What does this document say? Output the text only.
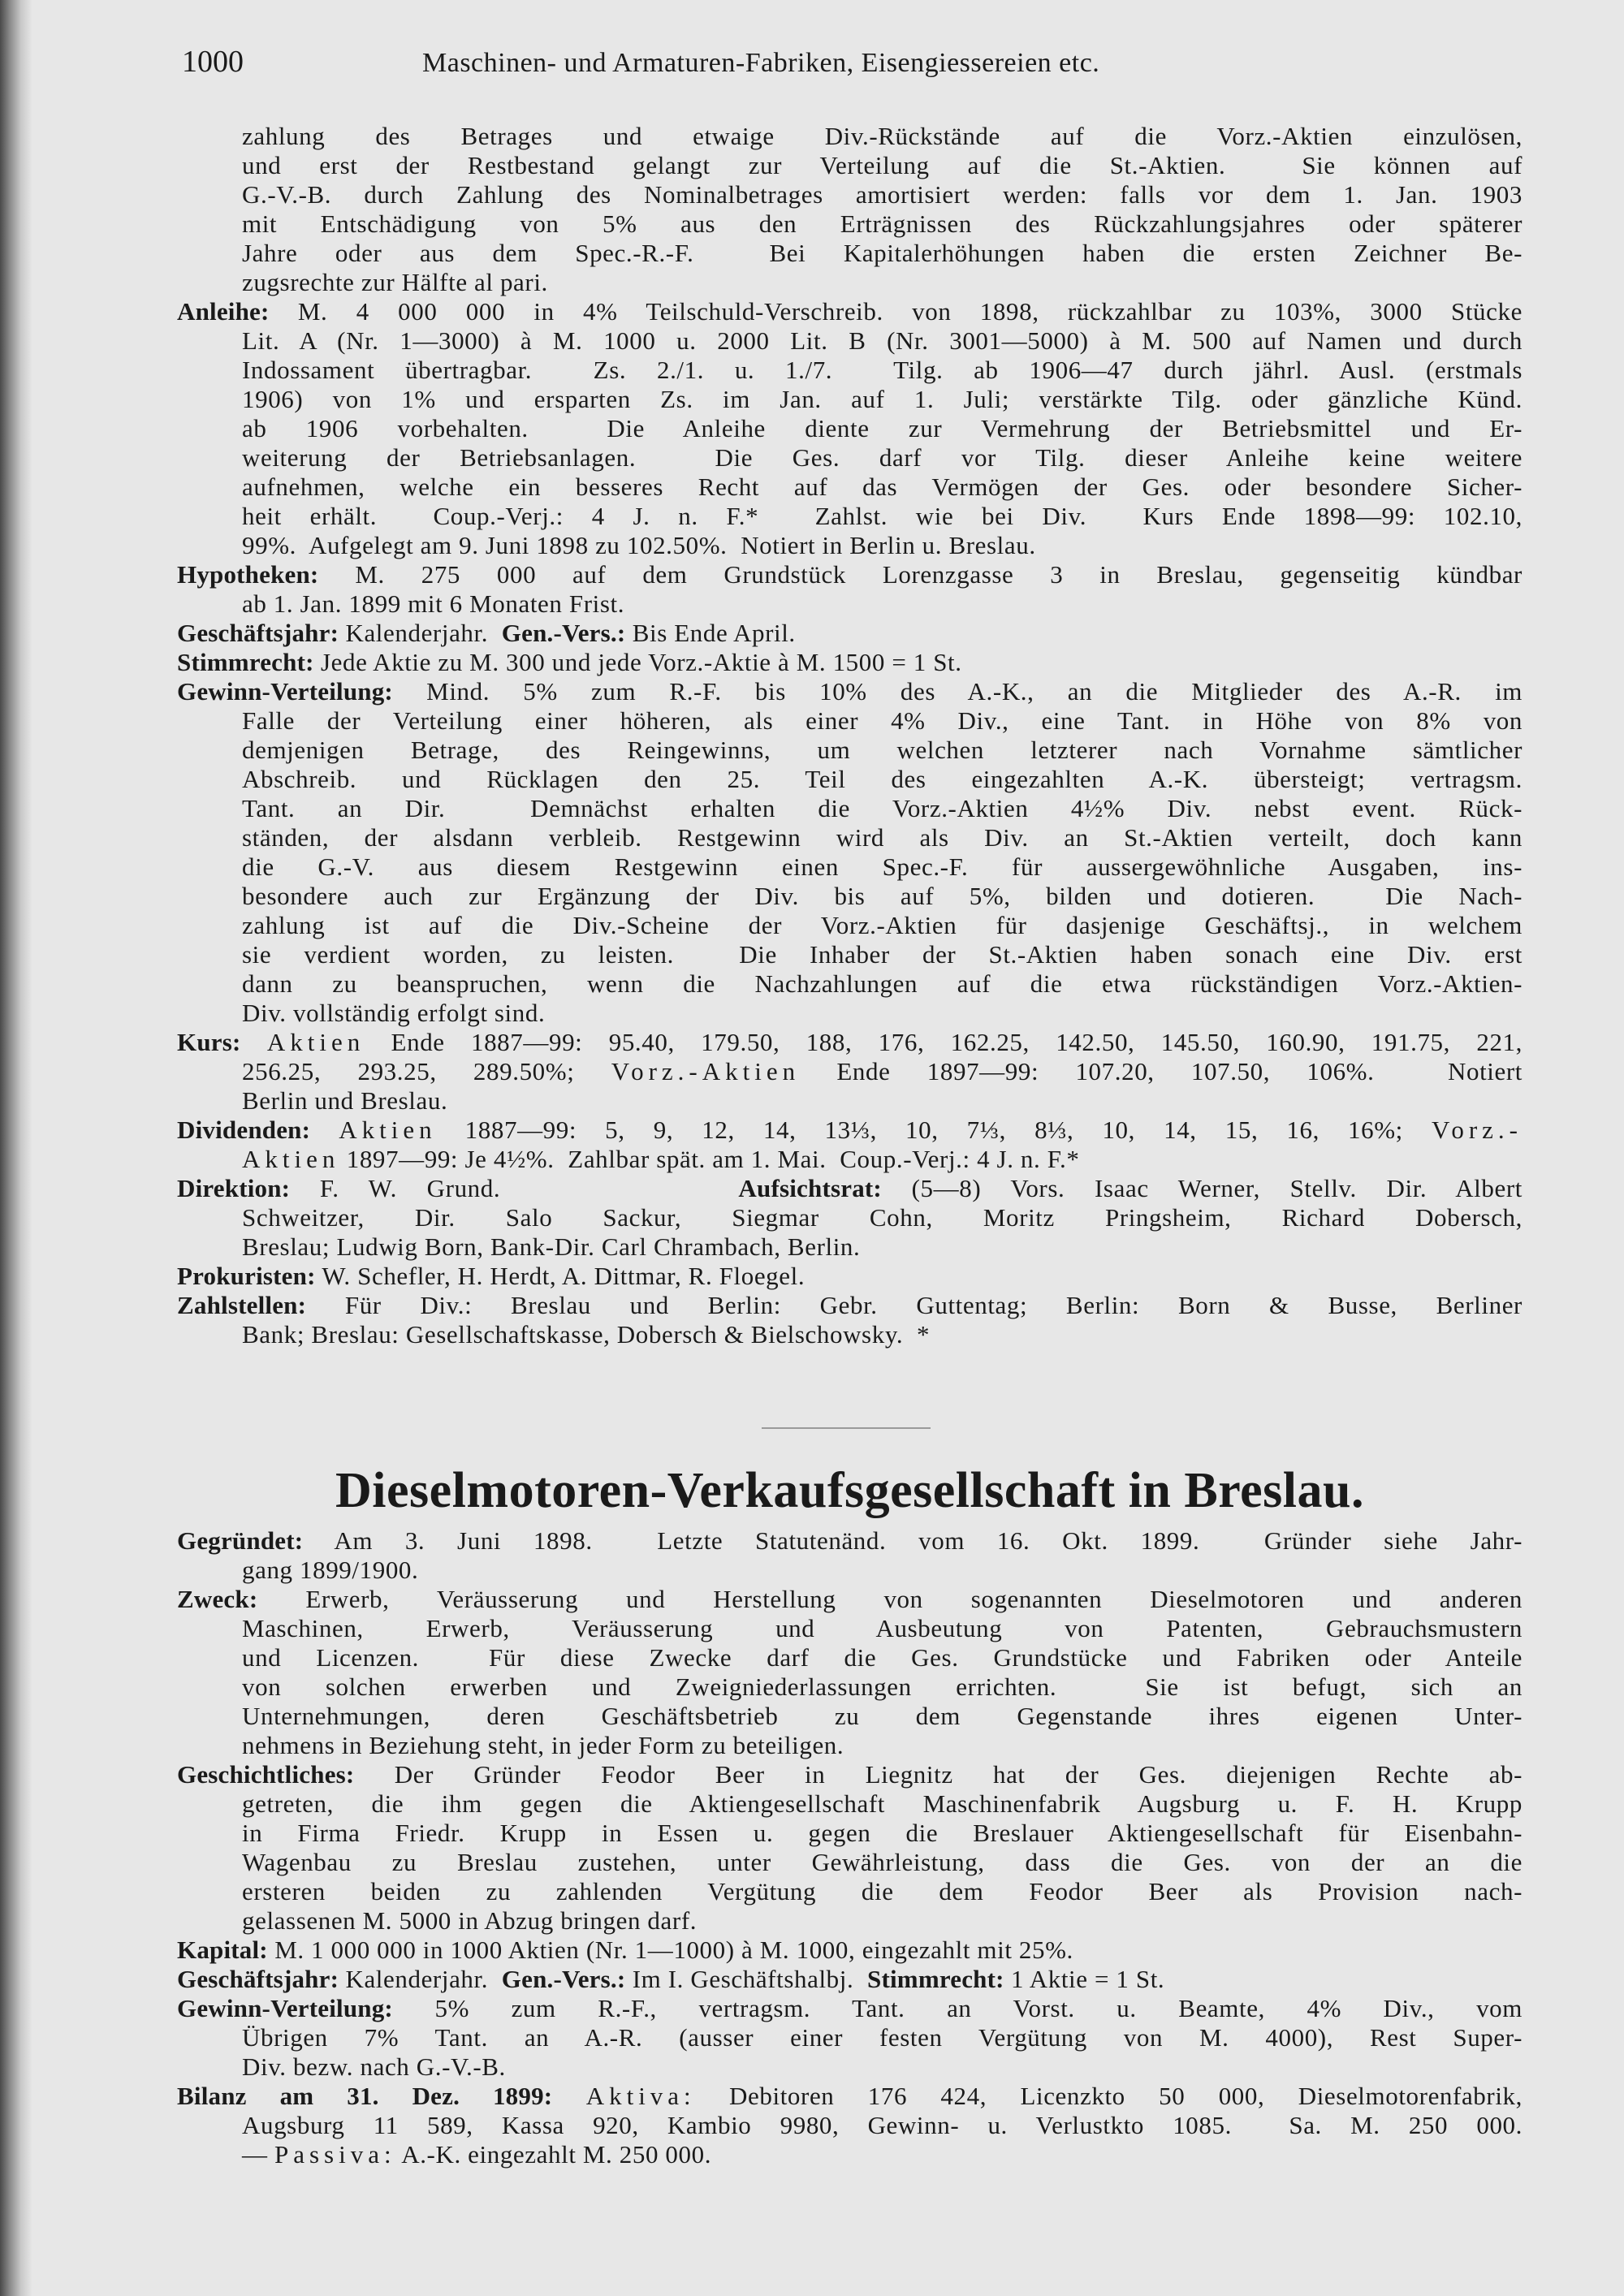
1000	Maschinen- und Armaturen-Fabriken, Eisengiessereien etc.
zahlung des Betrages und etwaige Div.-Rückstände auf die Vorz.-Aktien einzulösen,
und erst der Restbestand gelangt zur Verteilung auf die St.-Aktien.  Sie können auf
G.-V.-B. durch Zahlung des Nominalbetrages amortisiert werden: falls vor dem 1. Jan. 1903
mit Entschädigung von 5% aus den Erträgnissen des Rückzahlungsjahres oder späterer
Jahre oder aus dem Spec.-R.-F.  Bei Kapitalerhöhungen haben die ersten Zeichner Be-
zugsrechte zur Hälfte al pari.
Anleihe: M. 4 000 000 in 4% Teilschuld-Verschreib. von 1898, rückzahlbar zu 103%, 3000 Stücke
Lit. A (Nr. 1—3000) à M. 1000 u. 2000 Lit. B (Nr. 3001—5000) à M. 500 auf Namen und durch
Indossament übertragbar.  Zs. 2./1. u. 1./7.  Tilg. ab 1906—47 durch jährl. Ausl. (erstmals
1906) von 1% und ersparten Zs. im Jan. auf 1. Juli; verstärkte Tilg. oder gänzliche Künd.
ab 1906 vorbehalten.  Die Anleihe diente zur Vermehrung der Betriebsmittel und Er-
weiterung der Betriebsanlagen.  Die Ges. darf vor Tilg. dieser Anleihe keine weitere
aufnehmen, welche ein besseres Recht auf das Vermögen der Ges. oder besondere Sicher-
heit erhält.  Coup.-Verj.: 4 J. n. F.*  Zahlst. wie bei Div.  Kurs Ende 1898—99: 102.10,
99%.  Aufgelegt am 9. Juni 1898 zu 102.50%.  Notiert in Berlin u. Breslau.
Hypotheken: M. 275 000 auf dem Grundstück Lorenzgasse 3 in Breslau, gegenseitig kündbar
ab 1. Jan. 1899 mit 6 Monaten Frist.
Geschäftsjahr: Kalenderjahr.  Gen.-Vers.: Bis Ende April.
Stimmrecht: Jede Aktie zu M. 300 und jede Vorz.-Aktie à M. 1500 = 1 St.
Gewinn-Verteilung: Mind. 5% zum R.-F. bis 10% des A.-K., an die Mitglieder des A.-R. im
Falle der Verteilung einer höheren, als einer 4% Div., eine Tant. in Höhe von 8% von
demjenigen Betrage, des Reingewinns, um welchen letzterer nach Vornahme sämtlicher
Abschreib. und Rücklagen den 25. Teil des eingezahlten A.-K. übersteigt; vertragsm.
Tant. an Dir.  Demnächst erhalten die Vorz.-Aktien 4½% Div. nebst event. Rück-
ständen, der alsdann verbleib. Restgewinn wird als Div. an St.-Aktien verteilt, doch kann
die G.-V. aus diesem Restgewinn einen Spec.-F. für aussergewöhnliche Ausgaben, ins-
besondere auch zur Ergänzung der Div. bis auf 5%, bilden und dotieren.  Die Nach-
zahlung ist auf die Div.-Scheine der Vorz.-Aktien für dasjenige Geschäftsj., in welchem
sie verdient worden, zu leisten.  Die Inhaber der St.-Aktien haben sonach eine Div. erst
dann zu beanspruchen, wenn die Nachzahlungen auf die etwa rückständigen Vorz.-Aktien-
Div. vollständig erfolgt sind.
Kurs: Aktien Ende 1887—99: 95.40, 179.50, 188, 176, 162.25, 142.50, 145.50, 160.90, 191.75, 221,
256.25, 293.25, 289.50%; Vorz.-Aktien Ende 1897—99: 107.20, 107.50, 106%.  Notiert
Berlin und Breslau.
Dividenden: Aktien 1887—99: 5, 9, 12, 14, 13⅓, 10, 7⅓, 8⅓, 10, 14, 15, 16, 16%; Vorz.-
Aktien 1897—99: Je 4½%.  Zahlbar spät. am 1. Mai.  Coup.-Verj.: 4 J. n. F.*
Direktion: F. W. Grund.        Aufsichtsrat: (5—8) Vors. Isaac Werner, Stellv. Dir. Albert
Schweitzer, Dir. Salo Sackur, Siegmar Cohn, Moritz Pringsheim, Richard Dobersch,
Breslau; Ludwig Born, Bank-Dir. Carl Chrambach, Berlin.
Prokuristen: W. Schefler, H. Herdt, A. Dittmar, R. Floegel.
Zahlstellen: Für Div.: Breslau und Berlin: Gebr. Guttentag; Berlin: Born & Busse, Berliner
Bank; Breslau: Gesellschaftskasse, Dobersch & Bielschowsky.  *
Dieselmotoren-Verkaufsgesellschaft in Breslau.
Gegründet: Am 3. Juni 1898.  Letzte Statutenänd. vom 16. Okt. 1899.  Gründer siehe Jahr-
gang 1899/1900.
Zweck: Erwerb, Veräusserung und Herstellung von sogenannten Dieselmotoren und anderen
Maschinen, Erwerb, Veräusserung und Ausbeutung von Patenten, Gebrauchsmustern
und Licenzen.  Für diese Zwecke darf die Ges. Grundstücke und Fabriken oder Anteile
von solchen erwerben und Zweigniederlassungen errichten.  Sie ist befugt, sich an
Unternehmungen, deren Geschäftsbetrieb zu dem Gegenstande ihres eigenen Unter-
nehmens in Beziehung steht, in jeder Form zu beteiligen.
Geschichtliches: Der Gründer Feodor Beer in Liegnitz hat der Ges. diejenigen Rechte ab-
getreten, die ihm gegen die Aktiengesellschaft Maschinenfabrik Augsburg u. F. H. Krupp
in Firma Friedr. Krupp in Essen u. gegen die Breslauer Aktiengesellschaft für Eisenbahn-
Wagenbau zu Breslau zustehen, unter Gewährleistung, dass die Ges. von der an die
ersteren beiden zu zahlenden Vergütung die dem Feodor Beer als Provision nach-
gelassenen M. 5000 in Abzug bringen darf.
Kapital: M. 1 000 000 in 1000 Aktien (Nr. 1—1000) à M. 1000, eingezahlt mit 25%.
Geschäftsjahr: Kalenderjahr.  Gen.-Vers.: Im I. Geschäftshalbj.  Stimmrecht: 1 Aktie = 1 St.
Gewinn-Verteilung: 5% zum R.-F., vertragsm. Tant. an Vorst. u. Beamte, 4% Div., vom
Übrigen 7% Tant. an A.-R. (ausser einer festen Vergütung von M. 4000), Rest Super-
Div. bezw. nach G.-V.-B.
Bilanz am 31. Dez. 1899: Aktiva: Debitoren 176 424, Licenzkto 50 000, Dieselmotorenfabrik,
Augsburg 11 589, Kassa 920, Kambio 9980, Gewinn- u. Verlustkto 1085.  Sa. M. 250 000.
— Passiva: A.-K. eingezahlt M. 250 000.
